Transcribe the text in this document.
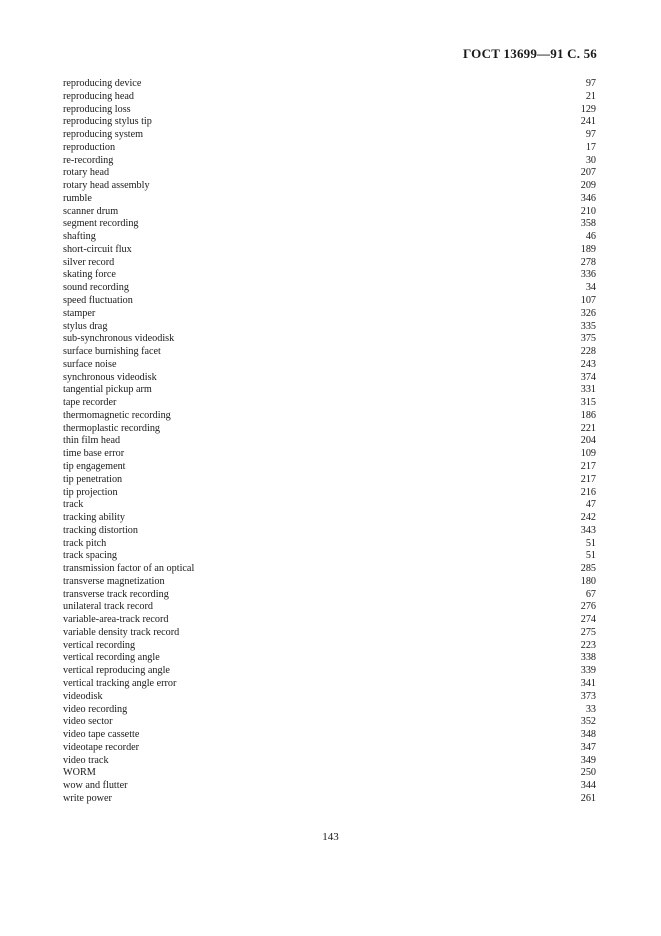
ГОСТ 13699—91 С. 56
reproducing device	97
reproducing head	21
reproducing loss	129
reproducing stylus tip	241
reproducing system	97
reproduction	17
re-recording	30
rotary head	207
rotary head assembly	209
rumble	346
scanner drum	210
segment recording	358
shafting	46
short-circuit flux	189
silver record	278
skating force	336
sound recording	34
speed fluctuation	107
stamper	326
stylus drag	335
sub-synchronous videodisk	375
surface burnishing facet	228
surface noise	243
synchronous videodisk	374
tangential pickup arm	331
tape recorder	315
thermomagnetic recording	186
thermoplastic recording	221
thin film head	204
time base error	109
tip engagement	217
tip penetration	217
tip projection	216
track	47
tracking ability	242
tracking distortion	343
track pitch	51
track spacing	51
transmission factor of an optical	285
transverse magnetization	180
transverse track recording	67
unilateral track record	276
variable-area-track record	274
variable density track record	275
vertical recording	223
vertical recording angle	338
vertical reproducing angle	339
vertical tracking angle error	341
videodisk	373
video recording	33
video sector	352
video tape cassette	348
videotape recorder	347
video track	349
WORM	250
wow and flutter	344
write power	261
143
